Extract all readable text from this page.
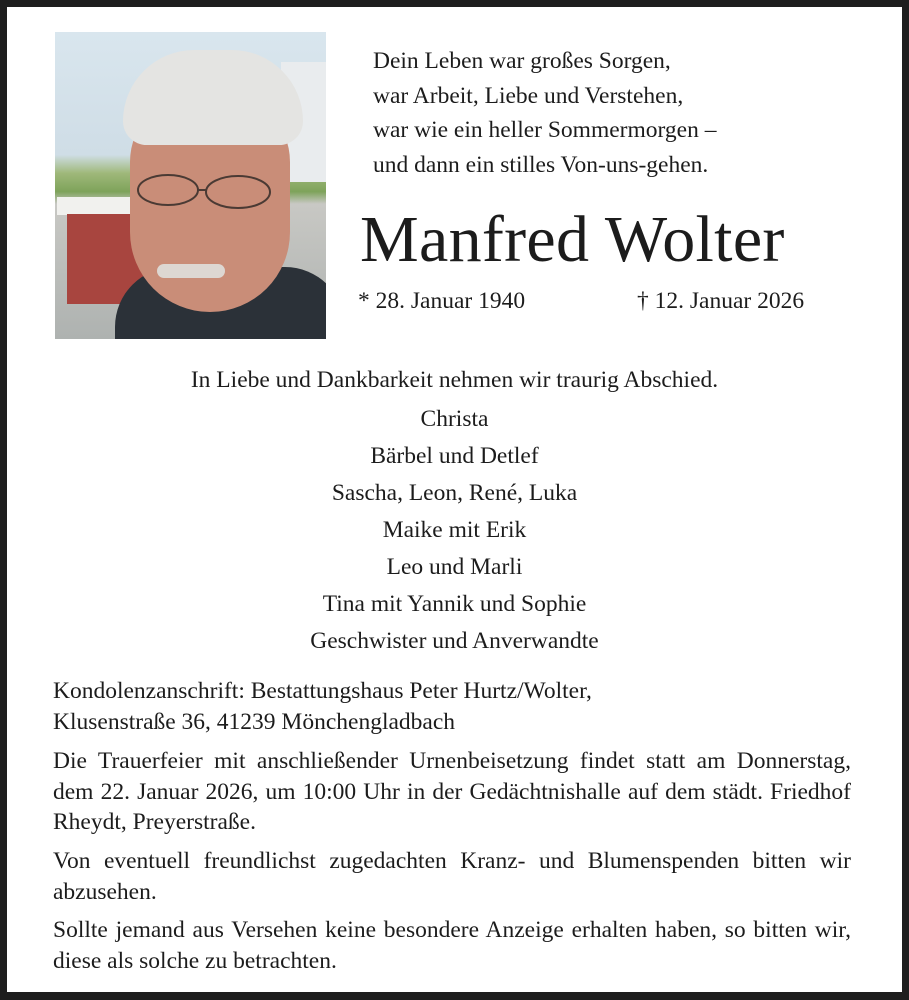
Dein Leben war großes Sorgen,
war Arbeit, Liebe und Verstehen,
war wie ein heller Sommermorgen –
und dann ein stilles Von-uns-gehen.
Manfred Wolter
* 28. Januar 1940	† 12. Januar 2026
In Liebe und Dankbarkeit nehmen wir traurig Abschied.
Christa
Bärbel und Detlef
Sascha, Leon, René, Luka
Maike mit Erik
Leo und Marli
Tina mit Yannik und Sophie
Geschwister und Anverwandte
Kondolenzanschrift: Bestattungshaus Peter Hurtz/Wolter,
Klusenstraße 36, 41239 Mönchengladbach

Die Trauerfeier mit anschließender Urnenbeisetzung findet statt am Donnerstag, dem 22. Januar 2026, um 10:00 Uhr in der Gedächtnishalle auf dem städt. Friedhof Rheydt, Preyerstraße.

Von eventuell freundlichst zugedachten Kranz- und Blumenspenden bitten wir abzusehen.

Sollte jemand aus Versehen keine besondere Anzeige erhalten haben, so bitten wir, diese als solche zu betrachten.
